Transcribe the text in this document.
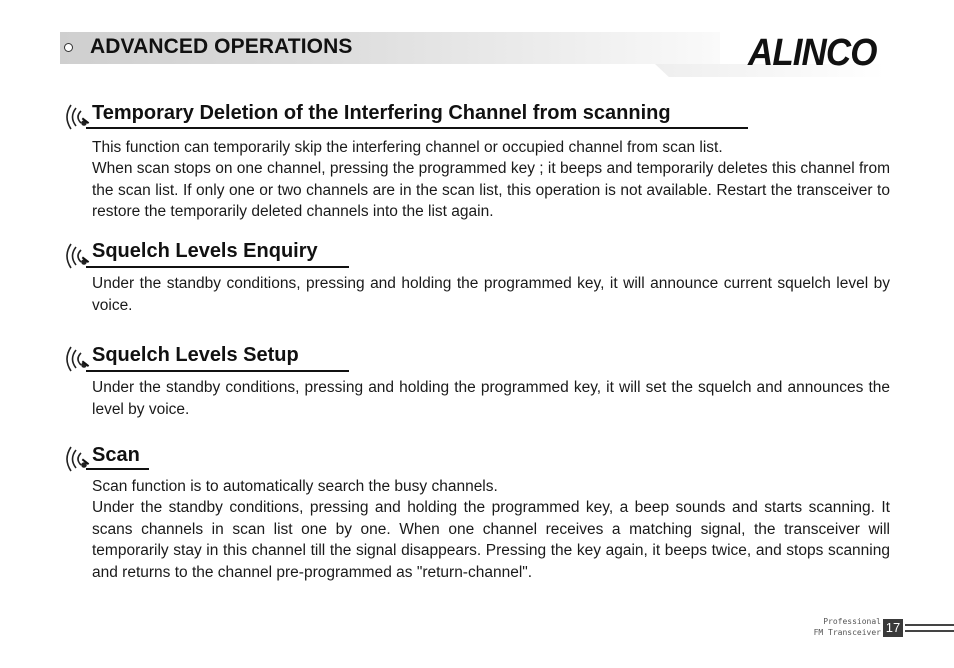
ADVANCED OPERATIONS	ALINCO
Temporary Deletion of the Interfering Channel from scanning

This function can temporarily skip the interfering channel or occupied channel from scan list.

When scan stops on one channel, pressing the programmed key ; it beeps and temporarily deletes this channel from the scan list. If only one or two channels are in the scan list, this operation is not available. Restart the transceiver to restore the temporarily deleted channels into the list again.

Squelch Levels Enquiry

Under the standby conditions, pressing and holding the programmed key, it will announce current squelch level by voice.

Squelch Levels Setup

Under the standby conditions, pressing and holding the programmed key, it will set the squelch and announces the level by voice.

Scan

Scan function is to automatically search the busy channels.

Under the standby conditions, pressing and holding the programmed key, a beep sounds and starts scanning. It scans channels in scan list one by one. When one channel receives a matching signal, the transceiver will temporarily stay in this channel till the signal disappears. Pressing the key again, it beeps twice, and stops scanning and returns to the channel pre-programmed as "return-channel".

Professional
FM Transceiver 17
